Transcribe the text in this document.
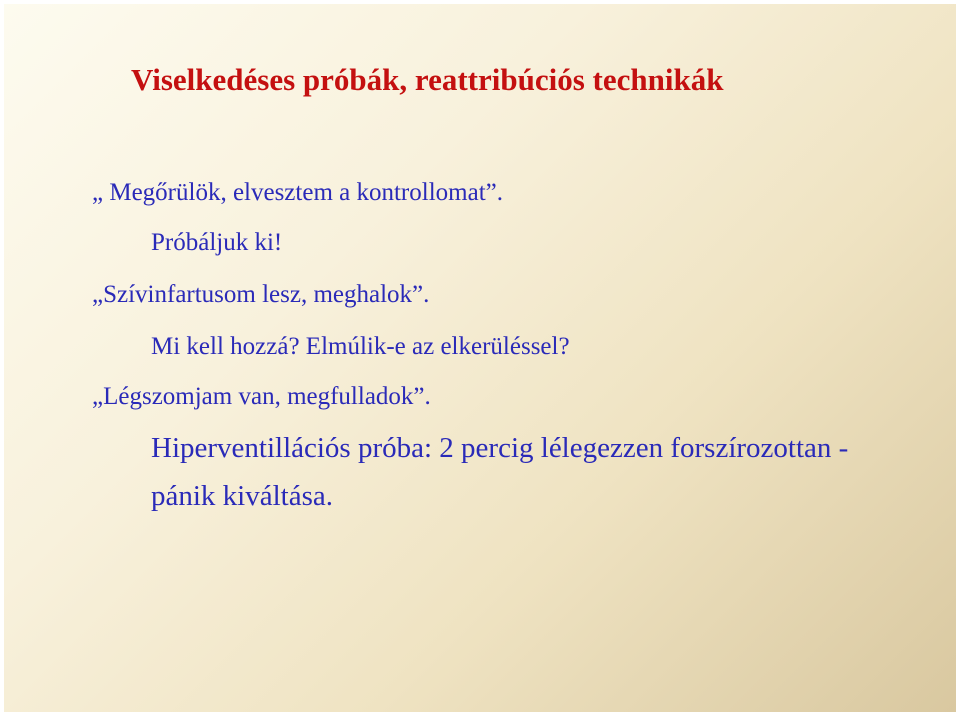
Viselkedéses próbák, reattribúciós technikák

„ Megőrülök, elvesztem a kontrollomat”.

Próbáljuk ki!

„Szívinfartusom lesz, meghalok”.

Mi kell hozzá? Elmúlik-e az elkerüléssel?

„Légszomjam van, megfulladok”.

Hiperventillációs próba: 2 percig lélegezzen forszírozottan -

pánik kiváltása.
